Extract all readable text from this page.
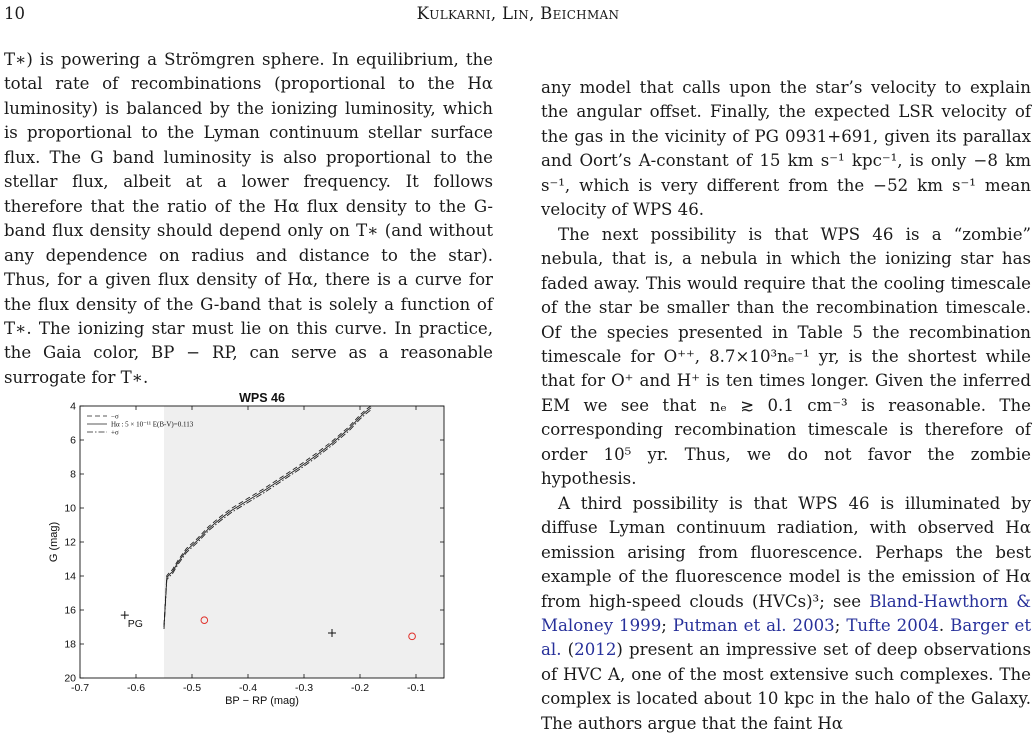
10	Kulkarni, Lin, Beichman

T∗) is powering a Strömgren sphere. In equilibrium, the total rate of recombinations (proportional to the Hα luminosity) is balanced by the ionizing luminosity, which is proportional to the Lyman continuum stellar surface flux. The G band luminosity is also proportional to the stellar flux, albeit at a lower frequency. It follows therefore that the ratio of the Hα flux density to the G-band flux density should depend only on T∗ (and without any dependence on radius and distance to the star). Thus, for a given flux density of Hα, there is a curve for the flux density of the G-band that is solely a function of T∗. The ionizing star must lie on this curve. In practice, the Gaia color, BP − RP, can serve as a reasonable surrogate for T∗.

PG
-0.7	-0.6	-0.5	-0.4	-0.3	-0.2	-0.1
4
6
8
10
12
14
16
18
20
WPS 46
BP − RP (mag)
G (mag)
−σ
Hα : 5 × 10⁻¹¹ E(B-V)=0.113
+σ

any model that calls upon the star’s velocity to explain the angular offset. Finally, the expected LSR velocity of the gas in the vicinity of PG 0931+691, given its parallax and Oort’s A-constant of 15 km s⁻¹ kpc⁻¹, is only −8 km s⁻¹, which is very different from the −52 km s⁻¹ mean velocity of WPS 46.

The next possibility is that WPS 46 is a “zombie” nebula, that is, a nebula in which the ionizing star has faded away. This would require that the cooling timescale of the star be smaller than the recombination timescale. Of the species presented in Table 5 the recombination timescale for O⁺⁺, 8.7×10³nₑ⁻¹ yr, is the shortest while that for O⁺ and H⁺ is ten times longer. Given the inferred EM we see that nₑ ≳ 0.1 cm⁻³ is reasonable. The corresponding recombination timescale is therefore of order 10⁵ yr. Thus, we do not favor the zombie hypothesis.

A third possibility is that WPS 46 is illuminated by diffuse Lyman continuum radiation, with observed Hα emission arising from fluorescence. Perhaps the best example of the fluorescence model is the emission of Hα from high-speed clouds (HVCs)³; see Bland-Hawthorn & Maloney 1999; Putman et al. 2003; Tufte 2004. Barger et al. (2012) present an impressive set of deep observations of HVC A, one of the most extensive such complexes. The complex is located about 10 kpc in the halo of the Galaxy. The authors argue that the faint Hα
